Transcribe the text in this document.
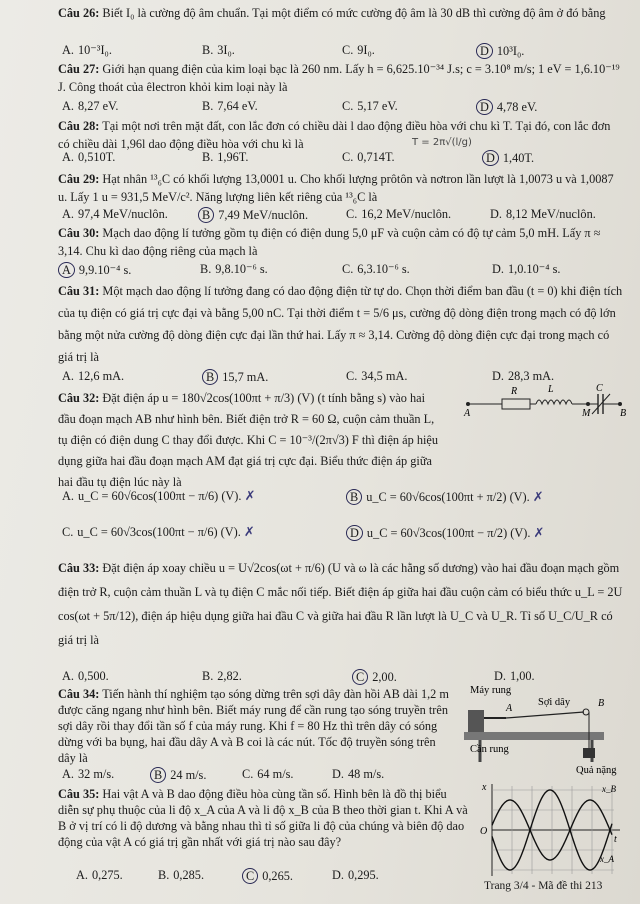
Câu 26: Biết I₀ là cường độ âm chuẩn. Tại một điểm có mức cường độ âm là 30 dB thì cường độ âm ở đó bằng
A. 10⁻³I₀.	B. 3I₀.	C. 9I₀.	D 10³I₀.
Câu 27: Giới hạn quang điện của kim loại bạc là 260 nm. Lấy h = 6,625.10⁻³⁴ J.s; c = 3.10⁸ m/s; 1 eV = 1,6.10⁻¹⁹ J. Công thoát của êlectron khỏi kim loại này là
A. 8,27 eV.	B. 7,64 eV.	C. 5,17 eV.	D 4,78 eV.
Câu 28: Tại một nơi trên mặt đất, con lắc đơn có chiều dài l dao động điều hòa với chu kì T. Tại đó, con lắc đơn có chiều dài 1,96l dao động điều hòa với chu kì là
A. 0,510T.	B. 1,96T.	C. 0,714T.	D 1,40T.
T = 2π√(l/g)
Câu 29: Hạt nhân ¹³₆C có khối lượng 13,0001 u. Cho khối lượng prôtôn và nơtron lần lượt là 1,0073 u và 1,0087 u. Lấy 1 u = 931,5 MeV/c². Năng lượng liên kết riêng của ¹³₆C là
A. 97,4 MeV/nuclôn.	B 7,49 MeV/nuclôn.	C. 16,2 MeV/nuclôn.	D. 8,12 MeV/nuclôn.
Câu 30: Mạch dao động lí tưởng gồm tụ điện có điện dung 5,0 μF và cuộn cảm có độ tự cảm 5,0 mH. Lấy π ≈ 3,14. Chu kì dao động riêng của mạch là
A 9,9.10⁻⁴ s.	B. 9,8.10⁻⁶ s.	C. 6,3.10⁻⁶ s.	D. 1,0.10⁻⁴ s.
Câu 31: Một mạch dao động lí tưởng đang có dao động điện từ tự do. Chọn thời điểm ban đầu (t = 0) khi điện tích của tụ điện có giá trị cực đại và bằng 5,00 nC. Tại thời điểm t = 5/6 μs, cường độ dòng điện trong mạch có độ lớn bằng một nửa cường độ dòng điện cực đại lần thứ hai. Lấy π ≈ 3,14. Cường độ dòng điện cực đại trong mạch có giá trị là
A. 12,6 mA.	B 15,7 mA.	C. 34,5 mA.	D. 28,3 mA.
Câu 32: Đặt điện áp u = 180√2cos(100πt + π/3) (V) (t tính bằng s) vào hai đầu đoạn mạch AB như hình bên. Biết điện trở R = 60 Ω, cuộn cảm thuần L, tụ điện có điện dung C thay đổi được. Khi C = 10⁻³/(2π√3) F thì điện áp hiệu dụng giữa hai đầu đoạn mạch AM đạt giá trị cực đại. Biểu thức điện áp giữa hai đầu tụ điện lúc này là
R	L	C
A	M	B
A. u_C = 60√6cos(100πt − π/6) (V). ✗	B u_C = 60√6cos(100πt + π/2) (V). ✗
C. u_C = 60√3cos(100πt − π/6) (V). ✗	D u_C = 60√3cos(100πt − π/2) (V). ✗
Câu 33: Đặt điện áp xoay chiều u = U√2cos(ωt + π/6) (U và ω là các hằng số dương) vào hai đầu đoạn mạch gồm điện trở R, cuộn cảm thuần L và tụ điện C mắc nối tiếp. Biết điện áp giữa hai đầu cuộn cảm có biểu thức u_L = 2U cos(ωt + 5π/12), điện áp hiệu dụng giữa hai đầu C và giữa hai đầu R lần lượt là U_C và U_R. Tỉ số U_C/U_R có giá trị là
A. 0,500.	B. 2,82.	C 2,00.	D. 1,00.
Câu 34: Tiến hành thí nghiệm tạo sóng dừng trên sợi dây đàn hồi AB dài 1,2 m được căng ngang như hình bên. Biết máy rung để cần rung tạo sóng truyền trên sợi dây rồi thay đổi tần số f của máy rung. Khi f = 80 Hz thì trên dây có sóng dừng với ba bụng, hai đầu dây A và B coi là các nút. Tốc độ truyền sóng trên dây là
Máy rung
Sợi dây
A	B
Cần rung
Quả nặng
A. 32 m/s.	B 24 m/s.	C. 64 m/s.	D. 48 m/s.
Câu 35: Hai vật A và B dao động điều hòa cùng tần số. Hình bên là đồ thị biểu diễn sự phụ thuộc của li độ x_A của A và li độ x_B của B theo thời gian t. Khi A và B ở vị trí có li độ dương và bằng nhau thì tỉ số giữa li độ của chúng và biên độ dao động của vật A có giá trị gần nhất với giá trị nào sau đây?
x
O
t
x_B
x_A
A. 0,275.	B. 0,285.	C 0,265.	D. 0,295.
Trang 3/4 - Mã đề thi 213
